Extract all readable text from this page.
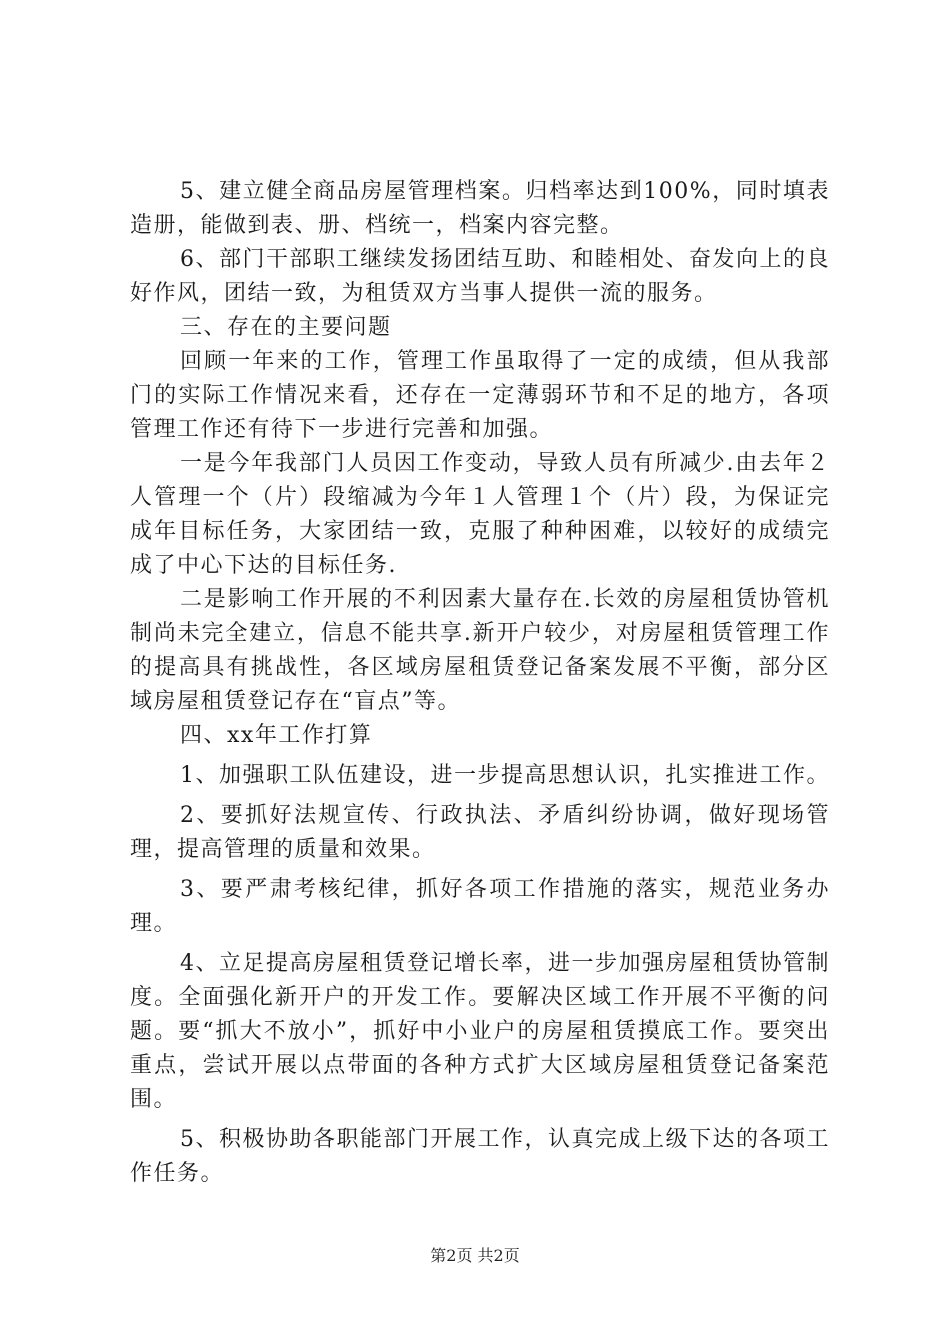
5、建立健全商品房屋管理档案。归档率达到100%，同时填表造册，能做到表、册、档统一，档案内容完整。

6、部门干部职工继续发扬团结互助、和睦相处、奋发向上的良好作风，团结一致，为租赁双方当事人提供一流的服务。

三、存在的主要问题

回顾一年来的工作，管理工作虽取得了一定的成绩，但从我部门的实际工作情况来看，还存在一定薄弱环节和不足的地方，各项管理工作还有待下一步进行完善和加强。

一是今年我部门人员因工作变动，导致人员有所减少.由去年２人管理一个（片）段缩减为今年１人管理１个（片）段，为保证完成年目标任务，大家团结一致，克服了种种困难，以较好的成绩完成了中心下达的目标任务.

二是影响工作开展的不利因素大量存在.长效的房屋租赁协管机制尚未完全建立，信息不能共享.新开户较少，对房屋租赁管理工作的提高具有挑战性，各区域房屋租赁登记备案发展不平衡，部分区域房屋租赁登记存在“盲点”等。

四、xx年工作打算

1、加强职工队伍建设，进一步提高思想认识，扎实推进工作。

2、要抓好法规宣传、行政执法、矛盾纠纷协调，做好现场管理，提高管理的质量和效果。

3、要严肃考核纪律，抓好各项工作措施的落实，规范业务办理。

4、立足提高房屋租赁登记增长率，进一步加强房屋租赁协管制度。全面强化新开户的开发工作。要解决区域工作开展不平衡的问题。要“抓大不放小”，抓好中小业户的房屋租赁摸底工作。要突出重点，尝试开展以点带面的各种方式扩大区域房屋租赁登记备案范围。

5、积极协助各职能部门开展工作，认真完成上级下达的各项工作任务。

第2页 共2页
